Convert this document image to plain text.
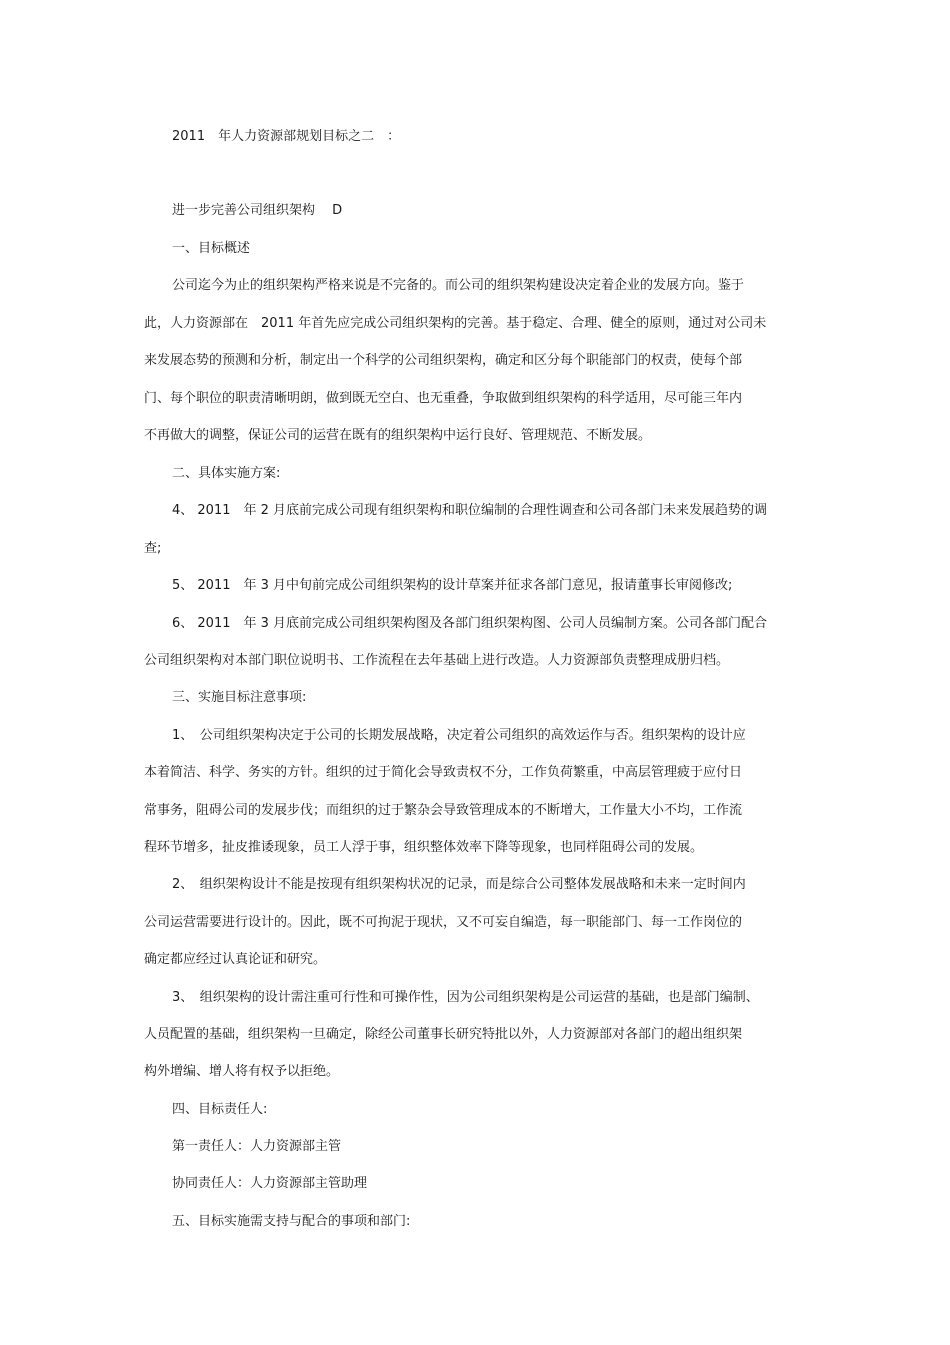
2011　年人力资源部规划目标之二　：
进一步完善公司组织架构　 D
一、目标概述
公司迄今为止的组织架构严格来说是不完备的。而公司的组织架构建设决定着企业的发展方向。鉴于
此，人力资源部在　2011 年首先应完成公司组织架构的完善。基于稳定、合理、健全的原则，通过对公司未
来发展态势的预测和分析，制定出一个科学的公司组织架构，确定和区分每个职能部门的权责，使每个部
门、每个职位的职责清晰明朗，做到既无空白、也无重叠，争取做到组织架构的科学适用，尽可能三年内
不再做大的调整，保证公司的运营在既有的组织架构中运行良好、管理规范、不断发展。
二、具体实施方案:
4、 2011　年 2 月底前完成公司现有组织架构和职位编制的合理性调查和公司各部门未来发展趋势的调
查;
5、 2011　年 3 月中旬前完成公司组织架构的设计草案并征求各部门意见，报请董事长审阅修改;
6、 2011　年 3 月底前完成公司组织架构图及各部门组织架构图、公司人员编制方案。公司各部门配合
公司组织架构对本部门职位说明书、工作流程在去年基础上进行改造。人力资源部负责整理成册归档。
三、实施目标注意事项:
1、　公司组织架构决定于公司的长期发展战略，决定着公司组织的高效运作与否。组织架构的设计应
本着简洁、科学、务实的方针。组织的过于简化会导致责权不分，工作负荷繁重，中高层管理疲于应付日
常事务，阻碍公司的发展步伐；而组织的过于繁杂会导致管理成本的不断增大，工作量大小不均，工作流
程环节增多，扯皮推诿现象，员工人浮于事，组织整体效率下降等现象，也同样阻碍公司的发展。
2、　组织架构设计不能是按现有组织架构状况的记录，而是综合公司整体发展战略和未来一定时间内
公司运营需要进行设计的。因此，既不可拘泥于现状，又不可妄自编造，每一职能部门、每一工作岗位的
确定都应经过认真论证和研究。
3、　组织架构的设计需注重可行性和可操作性，因为公司组织架构是公司运营的基础，也是部门编制、
人员配置的基础，组织架构一旦确定，除经公司董事长研究特批以外，人力资源部对各部门的超出组织架
构外增编、增人将有权予以拒绝。
四、目标责任人:
第一责任人：人力资源部主管
协同责任人：人力资源部主管助理
五、目标实施需支持与配合的事项和部门:
